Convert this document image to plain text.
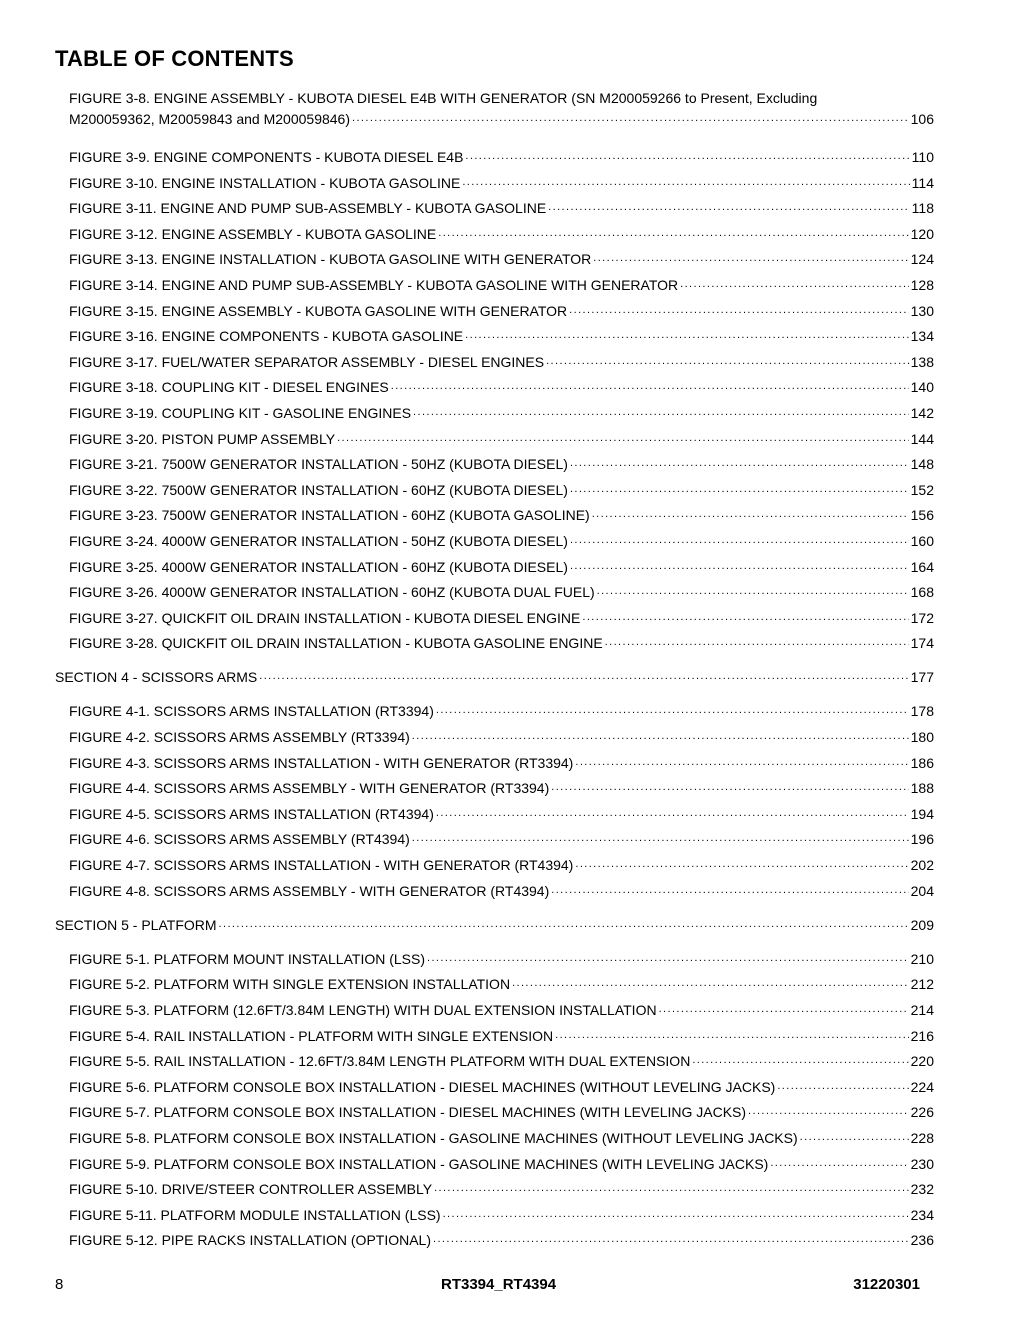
TABLE OF CONTENTS
FIGURE 3-8. ENGINE ASSEMBLY - KUBOTA DIESEL E4B WITH GENERATOR (SN M200059266 to Present, Excluding
M200059362, M20059843 and M200059846) .....	106
FIGURE 3-9. ENGINE COMPONENTS - KUBOTA DIESEL E4B .....	110
FIGURE 3-10. ENGINE INSTALLATION - KUBOTA GASOLINE .....	114
FIGURE 3-11. ENGINE AND PUMP SUB-ASSEMBLY - KUBOTA GASOLINE .....	118
FIGURE 3-12. ENGINE ASSEMBLY - KUBOTA GASOLINE .....	120
FIGURE 3-13. ENGINE INSTALLATION - KUBOTA GASOLINE WITH GENERATOR .....	124
FIGURE 3-14. ENGINE AND PUMP SUB-ASSEMBLY - KUBOTA GASOLINE WITH GENERATOR .....	128
FIGURE 3-15. ENGINE ASSEMBLY - KUBOTA GASOLINE WITH GENERATOR .....	130
FIGURE 3-16. ENGINE COMPONENTS - KUBOTA GASOLINE .....	134
FIGURE 3-17. FUEL/WATER SEPARATOR ASSEMBLY - DIESEL ENGINES .....	138
FIGURE 3-18. COUPLING KIT - DIESEL ENGINES .....	140
FIGURE 3-19. COUPLING KIT - GASOLINE ENGINES .....	142
FIGURE 3-20. PISTON PUMP ASSEMBLY .....	144
FIGURE 3-21. 7500W GENERATOR INSTALLATION - 50HZ (KUBOTA DIESEL) .....	148
FIGURE 3-22. 7500W GENERATOR INSTALLATION - 60HZ (KUBOTA DIESEL) .....	152
FIGURE 3-23. 7500W GENERATOR INSTALLATION - 60HZ (KUBOTA GASOLINE) .....	156
FIGURE 3-24. 4000W GENERATOR INSTALLATION - 50HZ (KUBOTA DIESEL) .....	160
FIGURE 3-25. 4000W GENERATOR INSTALLATION - 60HZ (KUBOTA DIESEL) .....	164
FIGURE 3-26. 4000W GENERATOR INSTALLATION - 60HZ (KUBOTA DUAL FUEL) .....	168
FIGURE 3-27. QUICKFIT OIL DRAIN INSTALLATION - KUBOTA DIESEL ENGINE .....	172
FIGURE 3-28. QUICKFIT OIL DRAIN INSTALLATION - KUBOTA GASOLINE ENGINE .....	174
SECTION 4 - SCISSORS ARMS .....	177
FIGURE 4-1. SCISSORS ARMS INSTALLATION (RT3394) .....	178
FIGURE 4-2. SCISSORS ARMS ASSEMBLY (RT3394) .....	180
FIGURE 4-3. SCISSORS ARMS INSTALLATION - WITH GENERATOR (RT3394) .....	186
FIGURE 4-4. SCISSORS ARMS ASSEMBLY - WITH GENERATOR (RT3394) .....	188
FIGURE 4-5. SCISSORS ARMS INSTALLATION (RT4394) .....	194
FIGURE 4-6. SCISSORS ARMS ASSEMBLY (RT4394) .....	196
FIGURE 4-7. SCISSORS ARMS INSTALLATION - WITH GENERATOR (RT4394) .....	202
FIGURE 4-8. SCISSORS ARMS ASSEMBLY - WITH GENERATOR (RT4394) .....	204
SECTION 5 - PLATFORM .....	209
FIGURE 5-1. PLATFORM MOUNT INSTALLATION (LSS) .....	210
FIGURE 5-2. PLATFORM WITH SINGLE EXTENSION INSTALLATION .....	212
FIGURE 5-3. PLATFORM (12.6FT/3.84M LENGTH) WITH DUAL EXTENSION INSTALLATION .....	214
FIGURE 5-4. RAIL INSTALLATION - PLATFORM WITH SINGLE EXTENSION .....	216
FIGURE 5-5. RAIL INSTALLATION - 12.6FT/3.84M LENGTH PLATFORM WITH DUAL EXTENSION .....	220
FIGURE 5-6. PLATFORM CONSOLE BOX INSTALLATION - DIESEL MACHINES (WITHOUT LEVELING JACKS) .....	224
FIGURE 5-7. PLATFORM CONSOLE BOX INSTALLATION - DIESEL MACHINES (WITH LEVELING JACKS) .....	226
FIGURE 5-8. PLATFORM CONSOLE BOX INSTALLATION - GASOLINE MACHINES (WITHOUT LEVELING JACKS) .....	228
FIGURE 5-9. PLATFORM CONSOLE BOX INSTALLATION - GASOLINE MACHINES (WITH LEVELING JACKS) .....	230
FIGURE 5-10. DRIVE/STEER CONTROLLER ASSEMBLY .....	232
FIGURE 5-11. PLATFORM MODULE INSTALLATION (LSS) .....	234
FIGURE 5-12. PIPE RACKS INSTALLATION (OPTIONAL) .....	236
8	RT3394_RT4394	31220301
